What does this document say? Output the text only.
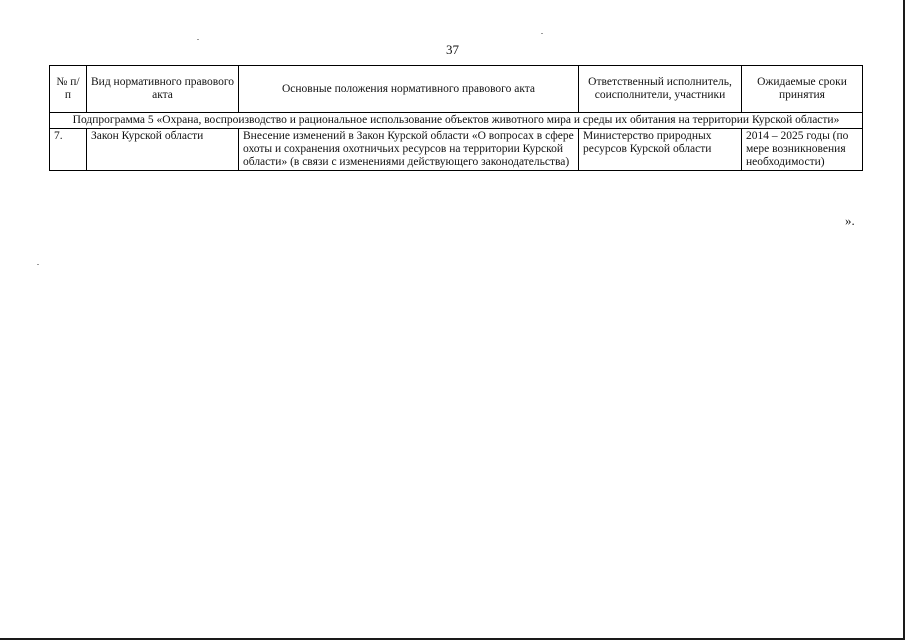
37
№ п/п	Вид нормативного правового акта	Основные положения нормативного правового акта	Ответственный исполнитель, соисполнители, участники	Ожидаемые сроки принятия
Подпрограмма 5 «Охрана, воспроизводство и рациональное использование объектов животного мира и среды их обитания на территории Курской области»				
7.	Закон Курской области	Внесение изменений в Закон Курской области «О вопросах в сфере охоты и сохранения охотничьих ресурсов на территории Курской области» (в связи с изменениями действующего законодательства)	Министерство природных ресурсов Курской области	2014 – 2025 годы (по мере возникновения необходимости)
».
